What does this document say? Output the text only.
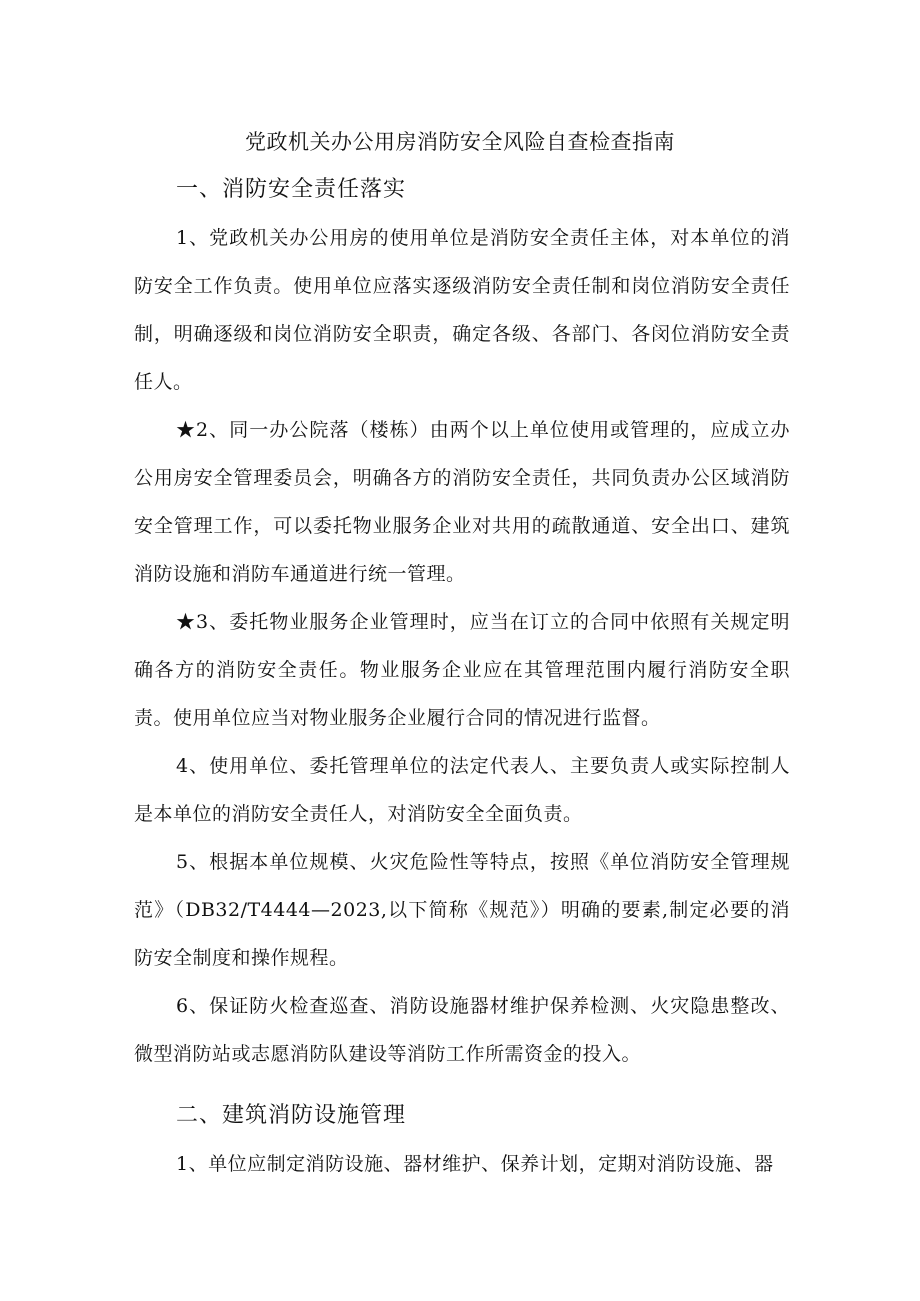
党政机关办公用房消防安全风险自查检查指南
一、消防安全责任落实

1、党政机关办公用房的使用单位是消防安全责任主体，对本单位的消防安全工作负责。使用单位应落实逐级消防安全责任制和岗位消防安全责任制，明确逐级和岗位消防安全职责，确定各级、各部门、各闵位消防安全责任人。

★2、同一办公院落（楼栋）由两个以上单位使用或管理的，应成立办公用房安全管理委员会，明确各方的消防安全责任，共同负责办公区域消防安全管理工作，可以委托物业服务企业对共用的疏散通道、安全出口、建筑消防设施和消防车通道进行统一管理。

★3、委托物业服务企业管理时，应当在订立的合同中依照有关规定明确各方的消防安全责任。物业服务企业应在其管理范围内履行消防安全职责。使用单位应当对物业服务企业履行合同的情况进行监督。

4、使用单位、委托管理单位的法定代表人、主要负责人或实际控制人是本单位的消防安全责任人，对消防安全全面负责。

5、根据本单位规模、火灾危险性等特点，按照《单位消防安全管理规范》（DB32/T4444—2023,以下简称《规范》）明确的要素,制定必要的消防安全制度和操作规程。

6、保证防火检查巡查、消防设施器材维护保养检测、火灾隐患整改、微型消防站或志愿消防队建设等消防工作所需资金的投入。

二、建筑消防设施管理

1、单位应制定消防设施、器材维护、保养计划，定期对消防设施、器
